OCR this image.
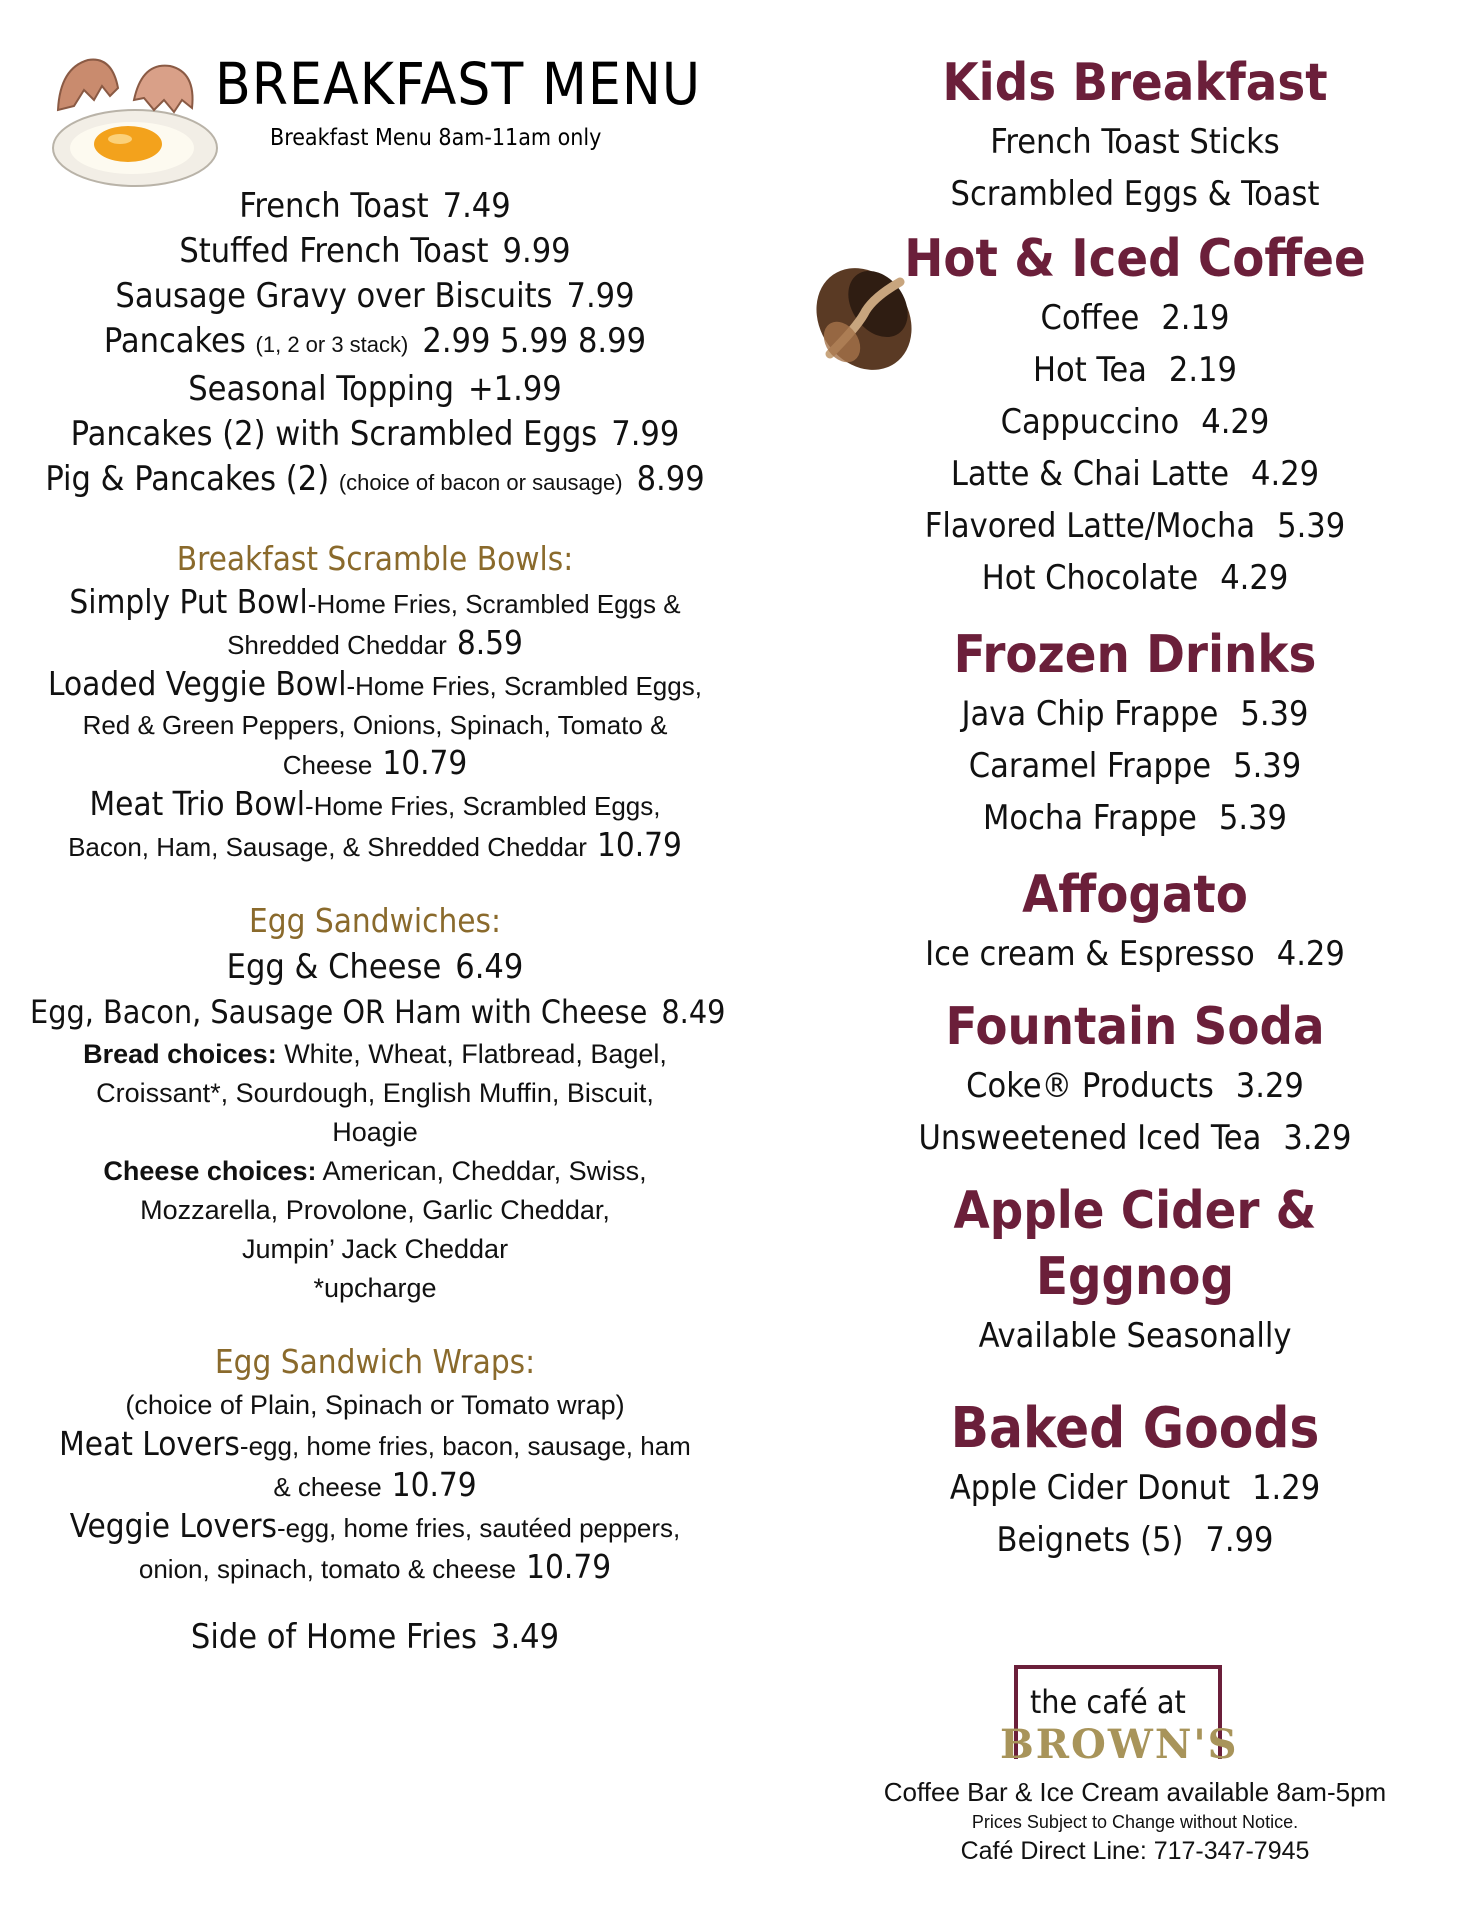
BREAKFAST MENU
Breakfast Menu 8am-11am only
French Toast 7.49
Stuffed French Toast 9.99
Sausage Gravy over Biscuits 7.99
Pancakes (1, 2 or 3 stack) 2.99 5.99 8.99
Seasonal Topping +1.99
Pancakes (2) with Scrambled Eggs 7.99
Pig & Pancakes (2) (choice of bacon or sausage) 8.99
Breakfast Scramble Bowls:
Simply Put Bowl-Home Fries, Scrambled Eggs &
Shredded Cheddar 8.59
Loaded Veggie Bowl-Home Fries, Scrambled Eggs,
Red & Green Peppers, Onions, Spinach, Tomato &
Cheese 10.79
Meat Trio Bowl-Home Fries, Scrambled Eggs,
Bacon, Ham, Sausage, & Shredded Cheddar 10.79
Egg Sandwiches:
Egg & Cheese 6.49
Egg, Bacon, Sausage OR Ham with Cheese 8.49
Bread choices: White, Wheat, Flatbread, Bagel,
Croissant*, Sourdough, English Muffin, Biscuit,
Hoagie
Cheese choices: American, Cheddar, Swiss,
Mozzarella, Provolone, Garlic Cheddar,
Jumpin’ Jack Cheddar
*upcharge
Egg Sandwich Wraps:
(choice of Plain, Spinach or Tomato wrap)
Meat Lovers-egg, home fries, bacon, sausage, ham
& cheese 10.79
Veggie Lovers-egg, home fries, sautéed peppers,
onion, spinach, tomato & cheese 10.79
Side of Home Fries 3.49
Kids Breakfast
French Toast Sticks
Scrambled Eggs & Toast
Hot & Iced Coffee
Coffee 2.19
Hot Tea 2.19
Cappuccino 4.29
Latte & Chai Latte 4.29
Flavored Latte/Mocha 5.39
Hot Chocolate 4.29
Frozen Drinks
Java Chip Frappe 5.39
Caramel Frappe 5.39
Mocha Frappe 5.39
Affogato
Ice cream & Espresso 4.29
Fountain Soda
Coke® Products 3.29
Unsweetened Iced Tea 3.29
Apple Cider & Eggnog
Available Seasonally
Baked Goods
Apple Cider Donut 1.29
Beignets (5) 7.99
the café at
BROWN'S
Coffee Bar & Ice Cream available 8am-5pm
Prices Subject to Change without Notice.
Café Direct Line: 717-347-7945
